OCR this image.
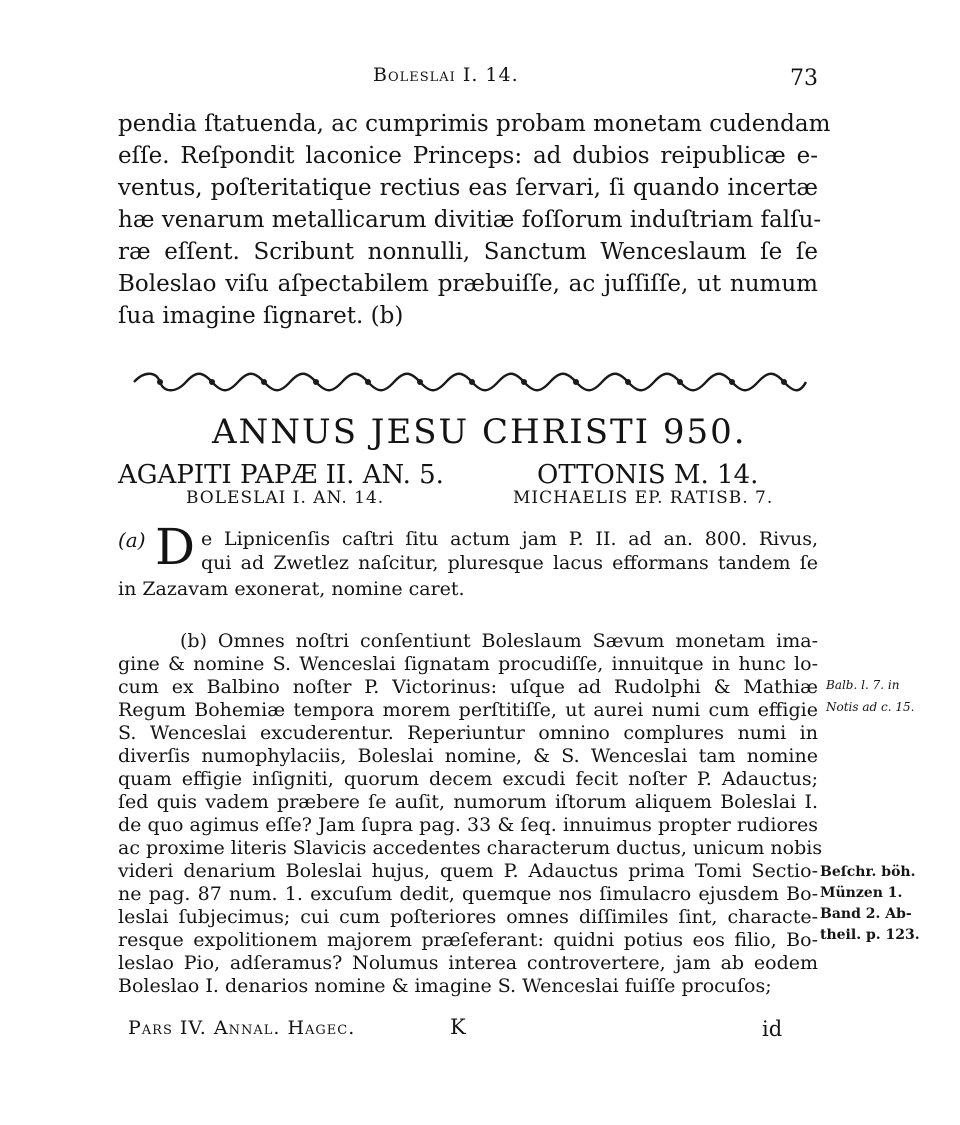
Boleslai I. 14.	73
pendia ſtatuenda, ac cumprimis probam monetam cudendam
eſſe. Reſpondit laconice Princeps: ad dubios reipublicæ e-
ventus, poſteritatique rectius eas ſervari, ſi quando incertæ
hæ venarum metallicarum divitiæ foſſorum induſtriam falſu-
ræ eſſent. Scribunt nonnulli, Sanctum Wenceslaum ſe ſe
Boleslao viſu aſpectabilem præbuiſſe, ac juſſiſſe, ut numum
ſua imagine ſignaret. (b)
ANNUS JESU CHRISTI 950.
AGAPITI PAPÆ II. AN. 5.	OTTONIS M. 14.
BOLESLAI I. AN. 14.	MICHAELIS EP. RATISB. 7.
(a) D e Lipnicenſis caſtri ſitu actum jam P. II. ad an. 800. Rivus,
qui ad Zwetlez naſcitur, pluresque lacus efformans tandem ſe
in Zazavam exonerat, nomine caret.
(b) Omnes noſtri conſentiunt Boleslaum Sævum monetam ima-
gine & nomine S. Wenceslai ſignatam procudiſſe, innuitque in hunc lo-
cum ex Balbino noſter P. Victorinus: uſque ad Rudolphi & Mathiæ
Regum Bohemiæ tempora morem perſtitiſſe, ut aurei numi cum effigie
S. Wenceslai excuderentur. Reperiuntur omnino complures numi in
diverſis numophylaciis, Boleslai nomine, & S. Wenceslai tam nomine
quam effigie inſigniti, quorum decem excudi fecit noſter P. Adauctus;
ſed quis vadem præbere ſe auſit, numorum iſtorum aliquem Boleslai I.
de quo agimus eſſe? Jam ſupra pag. 33 & ſeq. innuimus propter rudiores
ac proxime literis Slavicis accedentes characterum ductus, unicum nobis
videri denarium Boleslai hujus, quem P. Adauctus prima Tomi Sectio-
ne pag. 87 num. 1. excuſum dedit, quemque nos ſimulacro ejusdem Bo-
leslai ſubjecimus; cui cum poſteriores omnes diſſimiles ſint, characte-
resque expolitionem majorem præſeferant: quidni potius eos filio, Bo-
leslao Pio, adſeramus? Nolumus interea controvertere, jam ab eodem
Boleslao I. denarios nomine & imagine S. Wenceslai fuiſſe procuſos;
Balb. l. 7. in
Notis ad c. 15.
Beſchr. böh.
Münzen 1.
Band 2. Ab-
theil. p. 123.
Pars IV. Annal. Hagec.	K	id
